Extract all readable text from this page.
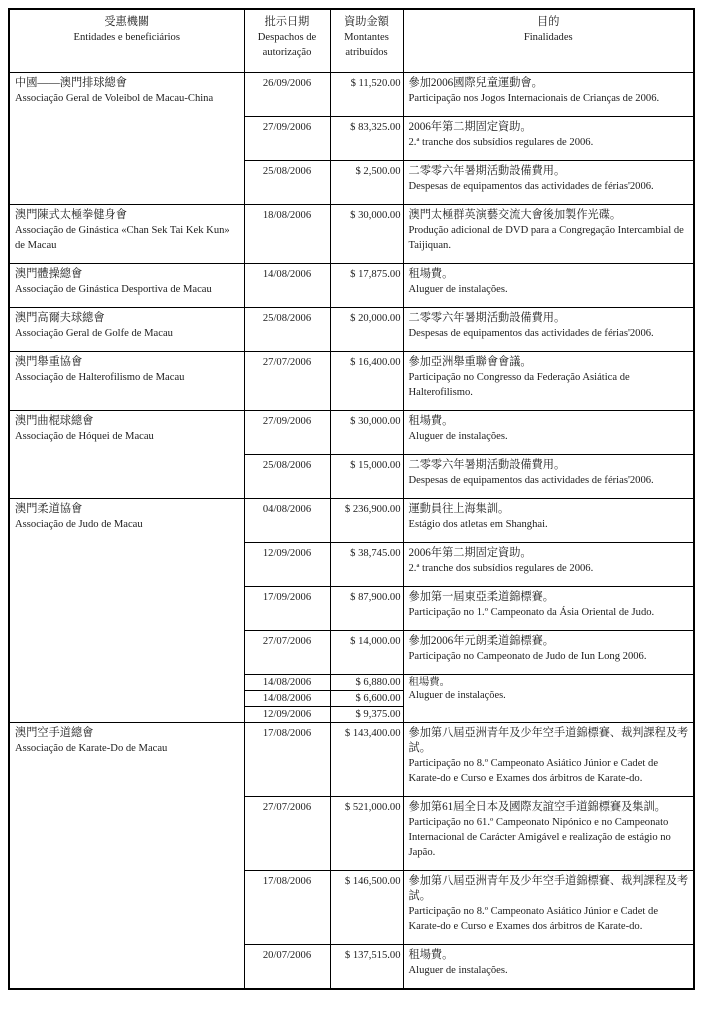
受惠機關
Entidades e beneficiários

批示日期
Despachos de autorização

資助金額
Montantes atribuídos

目的
Finalidades

中國——澳門排球總會
Associação Geral de Voleibol de Macau-China
	26/09/2006	$ 11,520.00	參加2006國際兒童運動會。
Participação nos Jogos Internacionais de Crianças de 2006.

	27/09/2006	$ 83,325.00	2006年第二期固定資助。
2.ª tranche dos subsídios regulares de 2006.

	25/08/2006	$ 2,500.00	二零零六年暑期活動設備費用。
Despesas de equipamentos das actividades de férias'2006.

澳門陳式太極拳健身會
Associação de Ginástica «Chan Sek Tai Kek Kun» de Macau
	18/08/2006	$ 30,000.00	澳門太極群英演藝交流大會後加製作光碟。
Produção adicional de DVD para a Congregação Intercambial de Taijiquan.

澳門體操總會
Associação de Ginástica Desportiva de Macau
	14/08/2006	$ 17,875.00	租場費。
Aluguer de instalações.

澳門高爾夫球總會
Associação Geral de Golfe de Macau
	25/08/2006	$ 20,000.00	二零零六年暑期活動設備費用。
Despesas de equipamentos das actividades de férias'2006.

澳門舉重協會
Associação de Halterofilismo de Macau
	27/07/2006	$ 16,400.00	參加亞洲舉重聯會會議。
Participação no Congresso da Federação Asiática de Halterofilismo.

澳門曲棍球總會
Associação de Hóquei de Macau
	27/09/2006	$ 30,000.00	租場費。
Aluguer de instalações.

	25/08/2006	$ 15,000.00	二零零六年暑期活動設備費用。
Despesas de equipamentos das actividades de férias'2006.

澳門柔道協會
Associação de Judo de Macau
	04/08/2006	$ 236,900.00	運動員往上海集訓。
Estágio dos atletas em Shanghai.

	12/09/2006	$ 38,745.00	2006年第二期固定資助。
2.ª tranche dos subsídios regulares de 2006.

	17/09/2006	$ 87,900.00	參加第一屆東亞柔道錦標賽。
Participação no 1.º Campeonato da Ásia Oriental de Judo.

	27/07/2006	$ 14,000.00	參加2006年元朗柔道錦標賽。
Participação no Campeonato de Judo de Iun Long 2006.

	14/08/2006	$ 6,880.00	租場費。
Aluguer de instalações.

	14/08/2006	$ 6,600.00	
	12/09/2006	$ 9,375.00	

澳門空手道總會
Associação de Karate-Do de Macau
	17/08/2006	$ 143,400.00	參加第八屆亞洲青年及少年空手道錦標賽、裁判課程及考試。
Participação no 8.º Campeonato Asiático Júnior e Cadet de Karate-do e Curso e Exames dos árbitros de Karate-do.

	27/07/2006	$ 521,000.00	參加第61屆全日本及國際友誼空手道錦標賽及集訓。
Participação no 61.º Campeonato Nipónico e no Campeonato Internacional de Carácter Amigável e realização de estágio no Japão.

	17/08/2006	$ 146,500.00	參加第八屆亞洲青年及少年空手道錦標賽、裁判課程及考試。
Participação no 8.º Campeonato Asiático Júnior e Cadet de Karate-do e Curso e Exames dos árbitros de Karate-do.

	20/07/2006	$ 137,515.00	租場費。
Aluguer de instalações.
